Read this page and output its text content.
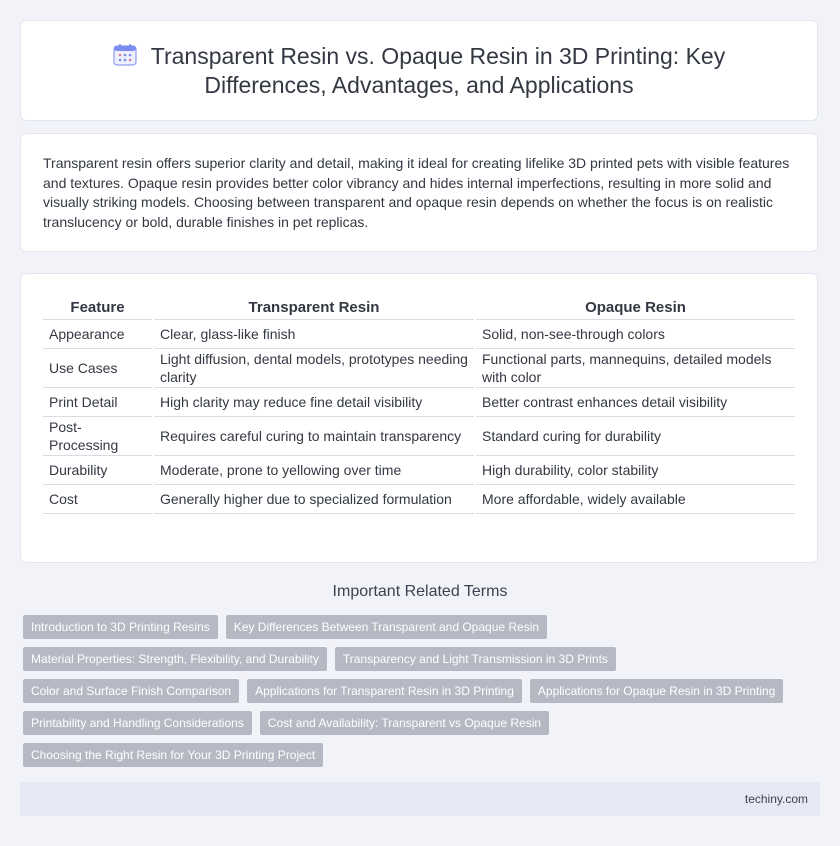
Transparent Resin vs. Opaque Resin in 3D Printing: Key Differences, Advantages, and Applications

Transparent resin offers superior clarity and detail, making it ideal for creating lifelike 3D printed pets with visible features and textures. Opaque resin provides better color vibrancy and hides internal imperfections, resulting in more solid and visually striking models. Choosing between transparent and opaque resin depends on whether the focus is on realistic translucency or bold, durable finishes in pet replicas.

Feature	Transparent Resin	Opaque Resin
Appearance	Clear, glass-like finish	Solid, non-see-through colors
Use Cases	Light diffusion, dental models, prototypes needing clarity	Functional parts, mannequins, detailed models with color
Print Detail	High clarity may reduce fine detail visibility	Better contrast enhances detail visibility
Post-Processing	Requires careful curing to maintain transparency	Standard curing for durability
Durability	Moderate, prone to yellowing over time	High durability, color stability
Cost	Generally higher due to specialized formulation	More affordable, widely available
Important Related Terms
Introduction to 3D Printing Resins	Key Differences Between Transparent and Opaque Resin
Material Properties: Strength, Flexibility, and Durability	Transparency and Light Transmission in 3D Prints
Color and Surface Finish Comparison	Applications for Transparent Resin in 3D Printing	Applications for Opaque Resin in 3D Printing
Printability and Handling Considerations	Cost and Availability: Transparent vs Opaque Resin
Choosing the Right Resin for Your 3D Printing Project
techiny.com
